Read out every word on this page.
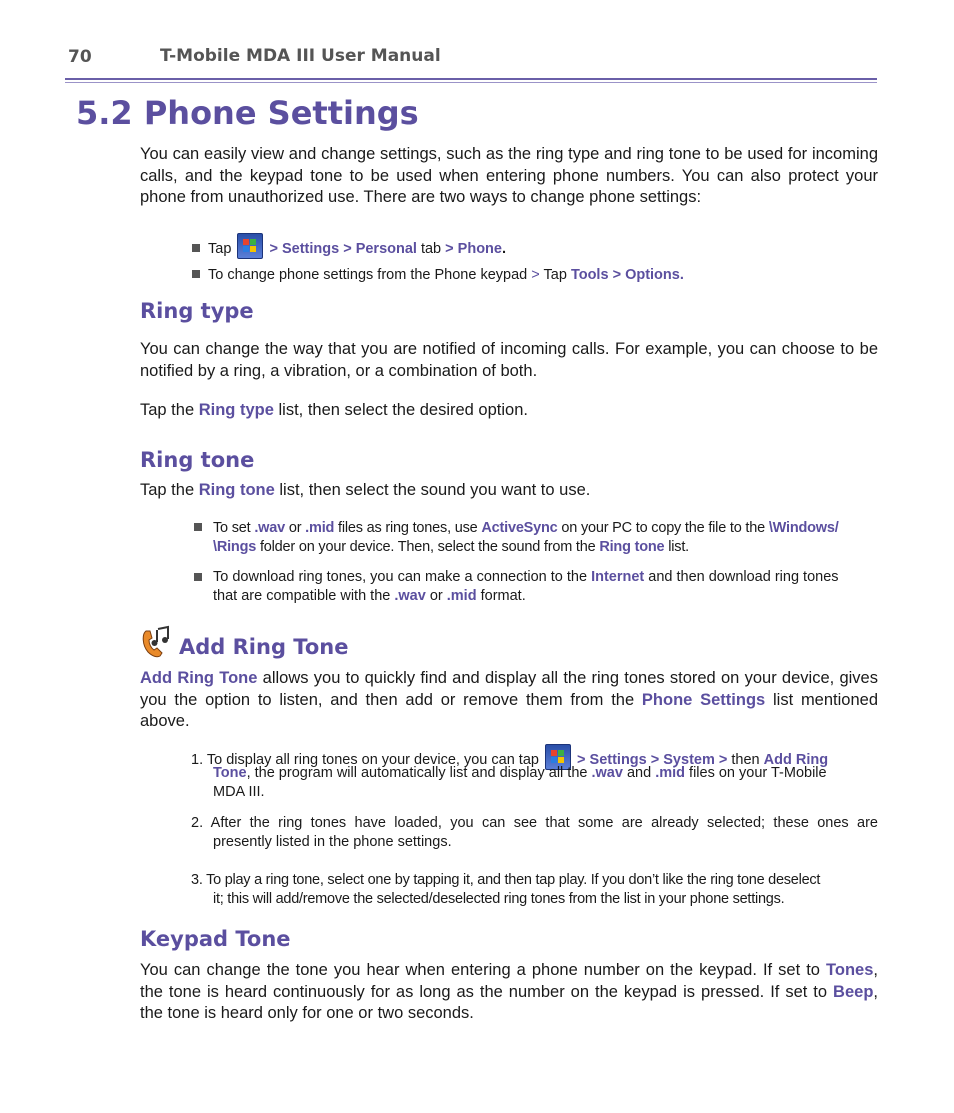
70	T-Mobile MDA III User Manual
5.2 Phone Settings
You can easily view and change settings, such as the ring type and ring tone to be used for incoming calls, and the keypad tone to be used when entering phone numbers. You can also protect your phone from unauthorized use. There are two ways to change phone settings:
Tap	> Settings > Personal tab > Phone.
To change phone settings from the Phone keypad > Tap Tools > Options.
Ring type
You can change the way that you are notified of incoming calls. For example, you can choose to be notified by a ring, a vibration, or a combination of both.
Tap the Ring type list, then select the desired option.
Ring tone
Tap the Ring tone list, then select the sound you want to use.
To set .wav or .mid files as ring tones, use ActiveSync on your PC to copy the file to the \Windows/
\Rings folder on your device. Then, select the sound from the Ring tone list.
To download ring tones, you can make a connection to the Internet and then download ring tones
that are compatible with the .wav or .mid format.
Add Ring Tone
Add Ring Tone allows you to quickly find and display all the ring tones stored on your device, gives you the option to listen, and then add or remove them from the Phone Settings list mentioned above.
1. To display all ring tones on your device, you can tap	> Settings > System > then Add Ring
Tone, the program will automatically list and display all the .wav and .mid files on your T-Mobile
MDA III.
2. After the ring tones have loaded, you can see that some are already selected; these ones are
presently listed in the phone settings.
3. To play a ring tone, select one by tapping it, and then tap play. If you don’t like the ring tone deselect
it; this will add/remove the selected/deselected ring tones from the list in your phone settings.
Keypad Tone
You can change the tone you hear when entering a phone number on the keypad. If set to Tones, the tone is heard continuously for as long as the number on the keypad is pressed. If set to Beep, the tone is heard only for one or two seconds.
